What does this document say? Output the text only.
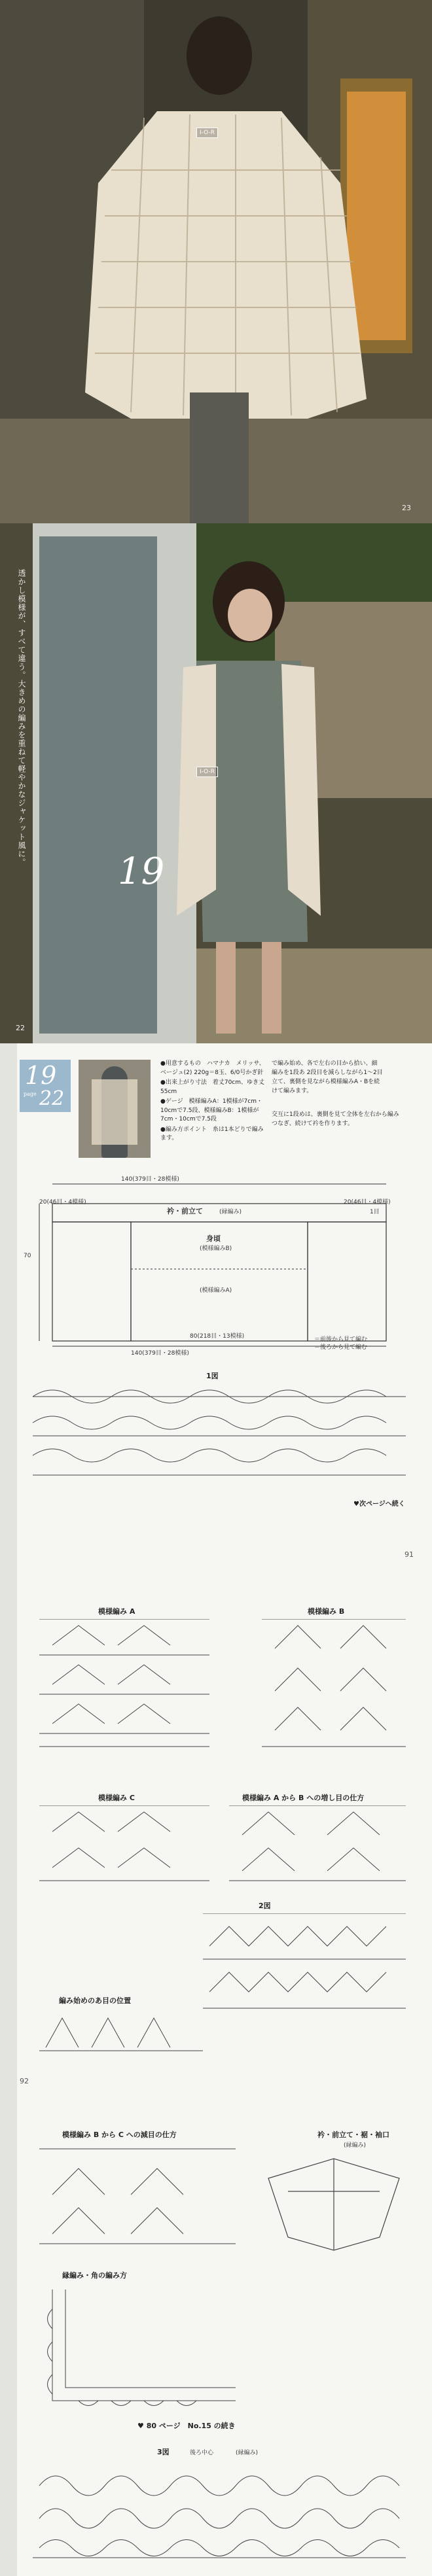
I-O-R
23
透かし模様が、すべて違う。大きめの編みを重ねて軽やかなジャケット風に。	I-O-R
19
22
19
page 22
●用意するもの　ハマナカ　メリッサ、ベージュ(2) 220g＝8玉、6/0号かぎ針
●出来上がり寸法　着丈70cm、ゆき丈55cm
●ゲージ　模様編みA：1模様が7cm・10cmで7.5段、模様編みB：1模様が7cm・10cmで7.5段
●編み方ポイント　糸は1本どりで編みます。
で編み始め、各で左右の目から拾い、細編みを1段あ 2段目を減らしながら1〜2目立て、裏側を見ながら模様編みA・Bを続けて編みます。
交互に1段めは、裏側を見て全体を左右から編みつなぎ、続けて衿を作ります。
140(379目・28模様)
衿・前立て	(縁編み)
20(46目・4模様)	20(46目・4模様)
身頃
(模様編みB)
(模様編みA)
80(218目・13模様)
140(379目・28模様)
70
1目
＝前後から見て編む
＝後ろから見て編む
1図
♥次ページへ続く
91
模様編み A	模様編み B
模様編み C	模様編み A から B への増し目の仕方
2図
編み始めのあ目の位置
92
模様編み B から C への減目の仕方	衿・前立て・裾・袖口
(縁編み)
縁編み・角の編み方
♥ 80 ページ　No.15 の続き
3図	後ろ中心	(縁編み)
